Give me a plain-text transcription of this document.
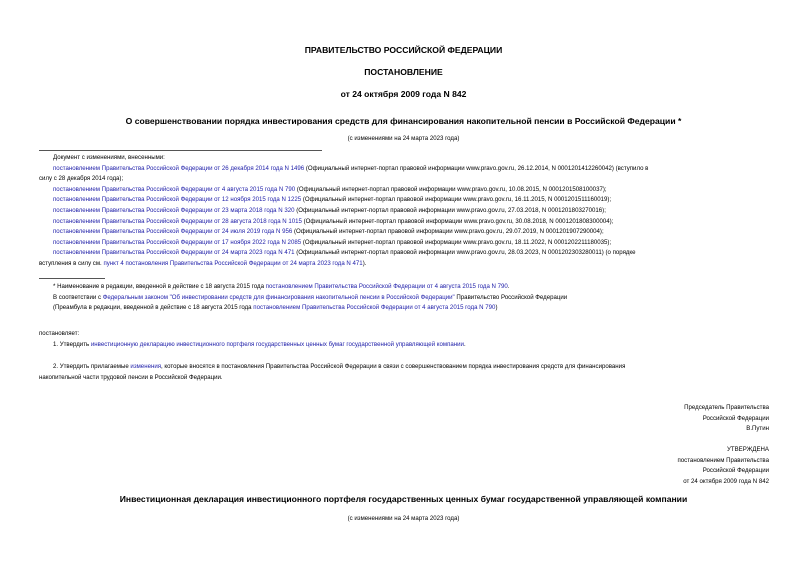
ПРАВИТЕЛЬСТВО РОССИЙСКОЙ ФЕДЕРАЦИИ
ПОСТАНОВЛЕНИЕ
от 24 октября 2009 года N 842
О совершенствовании порядка инвестирования средств для финансирования накопительной пенсии в Российской Федерации *
(с изменениями на 24 марта 2023 года)
Документ с изменениями, внесенными:
постановлением Правительства Российской Федерации от 26 декабря 2014 года N 1496 (Официальный интернет-портал правовой информации www.pravo.gov.ru, 26.12.2014, N 0001201412260042) (вступило в
силу с 28 декабря 2014 года);
постановлением Правительства Российской Федерации от 4 августа 2015 года N 790 (Официальный интернет-портал правовой информации www.pravo.gov.ru, 10.08.2015, N 0001201508100037);
постановлением Правительства Российской Федерации от 12 ноября 2015 года N 1225 (Официальный интернет-портал правовой информации www.pravo.gov.ru, 16.11.2015, N 0001201511160019);
постановлением Правительства Российской Федерации от 23 марта 2018 года N 320 (Официальный интернет-портал правовой информации www.pravo.gov.ru, 27.03.2018, N 0001201803270016);
постановлением Правительства Российской Федерации от 28 августа 2018 года N 1015 (Официальный интернет-портал правовой информации www.pravo.gov.ru, 30.08.2018, N 0001201808300004);
постановлением Правительства Российской Федерации от 24 июля 2019 года N 956 (Официальный интернет-портал правовой информации www.pravo.gov.ru, 29.07.2019, N 0001201907290004);
постановлением Правительства Российской Федерации от 17 ноября 2022 года N 2085 (Официальный интернет-портал правовой информации www.pravo.gov.ru, 18.11.2022, N 0001202211180035);
постановлением Правительства Российской Федерации от 24 марта 2023 года N 471 (Официальный интернет-портал правовой информации www.pravo.gov.ru, 28.03.2023, N 0001202303280011) (о порядке
вступления в силу см. пункт 4 постановления Правительства Российской Федерации от 24 марта 2023 года N 471).
* Наименование в редакции, введенной в действие с 18 августа 2015 года постановлением Правительства Российской Федерации от 4 августа 2015 года N 790.
В соответствии с Федеральным законом "Об инвестировании средств для финансирования накопительной пенсии в Российской Федерации" Правительство Российской Федерации
(Преамбула в редакции, введенной в действие с 18 августа 2015 года постановлением Правительства Российской Федерации от 4 августа 2015 года N 790)
постановляет:
1. Утвердить инвестиционную декларацию инвестиционного портфеля государственных ценных бумаг государственной управляющей компании.
2. Утвердить прилагаемые изменения, которые вносятся в постановления Правительства Российской Федерации в связи с совершенствованием порядка инвестирования средств для финансирования
накопительной части трудовой пенсии в Российской Федерации.
Председатель Правительства
Российской Федерации
В.Путин
УТВЕРЖДЕНА
постановлением Правительства
Российской Федерации
от 24 октября 2009 года N 842
Инвестиционная декларация инвестиционного портфеля государственных ценных бумаг государственной управляющей компании
(с изменениями на 24 марта 2023 года)
